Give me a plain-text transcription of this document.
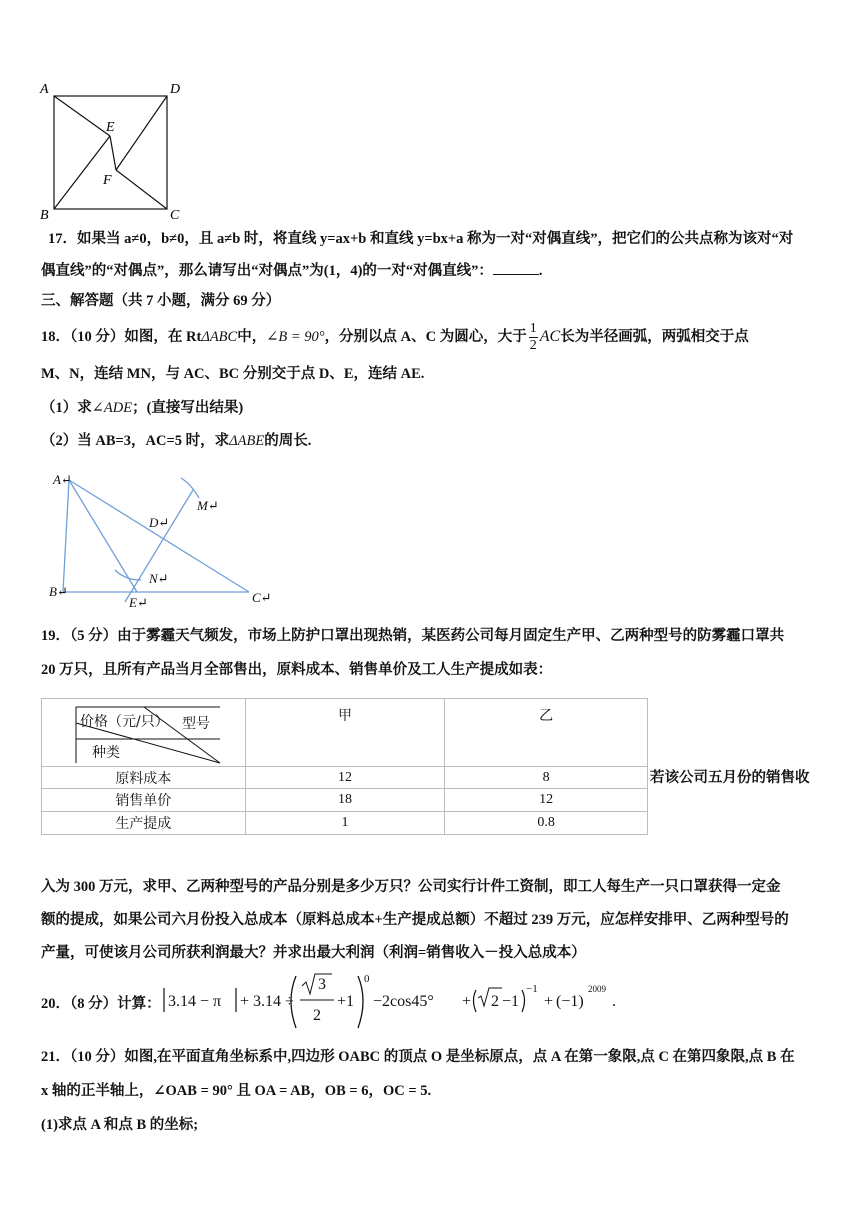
A	D
E
F
B	C
17．如果当 a≠0，b≠0，且 a≠b 时，将直线 y=ax+b 和直线 y=bx+a 称为一对“对偶直线”，把它们的公共点称为该对“对
偶直线”的“对偶点”，那么请写出“对偶点”为(1，4)的一对“对偶直线”：	.
三、解答题（共 7 小题，满分 69 分）
18．（10 分）如图，在 RtΔABC中，∠B = 90°，分别以点 A、C 为圆心，大于 $\frac{1}{2}$ AC长为半径画弧，两弧相交于点
M、N，连结 MN，与 AC、BC 分别交于点 D、E，连结 AE.
（1）求∠ADE；(直接写出结果)
（2）当 AB=3，AC=5 时，求ΔABE的周长.
A↵
M↵
D↵
N↵
B↵
E↵	C↵
19．（5 分）由于雾霾天气频发，市场上防护口罩出现热销，某医药公司每月固定生产甲、乙两种型号的防雾霾口罩共
20 万只，且所有产品当月全部售出，原料成本、销售单价及工人生产提成如表：
价格（元/只） 型号
种类	甲	乙
原料成本	12	8
销售单价	18	12
生产提成	1	0.8
若该公司五月份的销售收
入为 300 万元，求甲、乙两种型号的产品分别是多少万只？公司实行计件工资制，即工人每生产一只口罩获得一定金
额的提成，如果公司六月份投入总成本（原料总成本+生产提成总额）不超过 239 万元，应怎样安排甲、乙两种型号的
产量，可使该月公司所获利润最大？并求出最大利润（利润=销售收入－投入总成本）
20．（8 分）计算： 3.14 − π + 3.14 ÷
3
2
+1
0
−2cos45° + 2 −1
−1
+ (−1)
2009
.
21．（10 分）如图,在平面直角坐标系中,四边形 OABC 的顶点 O 是坐标原点，点 A 在第一象限,点 C 在第四象限,点 B 在
x 轴的正半轴上，∠OAB = 90° 且 OA = AB，OB = 6，OC = 5.
(1)求点 A 和点 B 的坐标;
